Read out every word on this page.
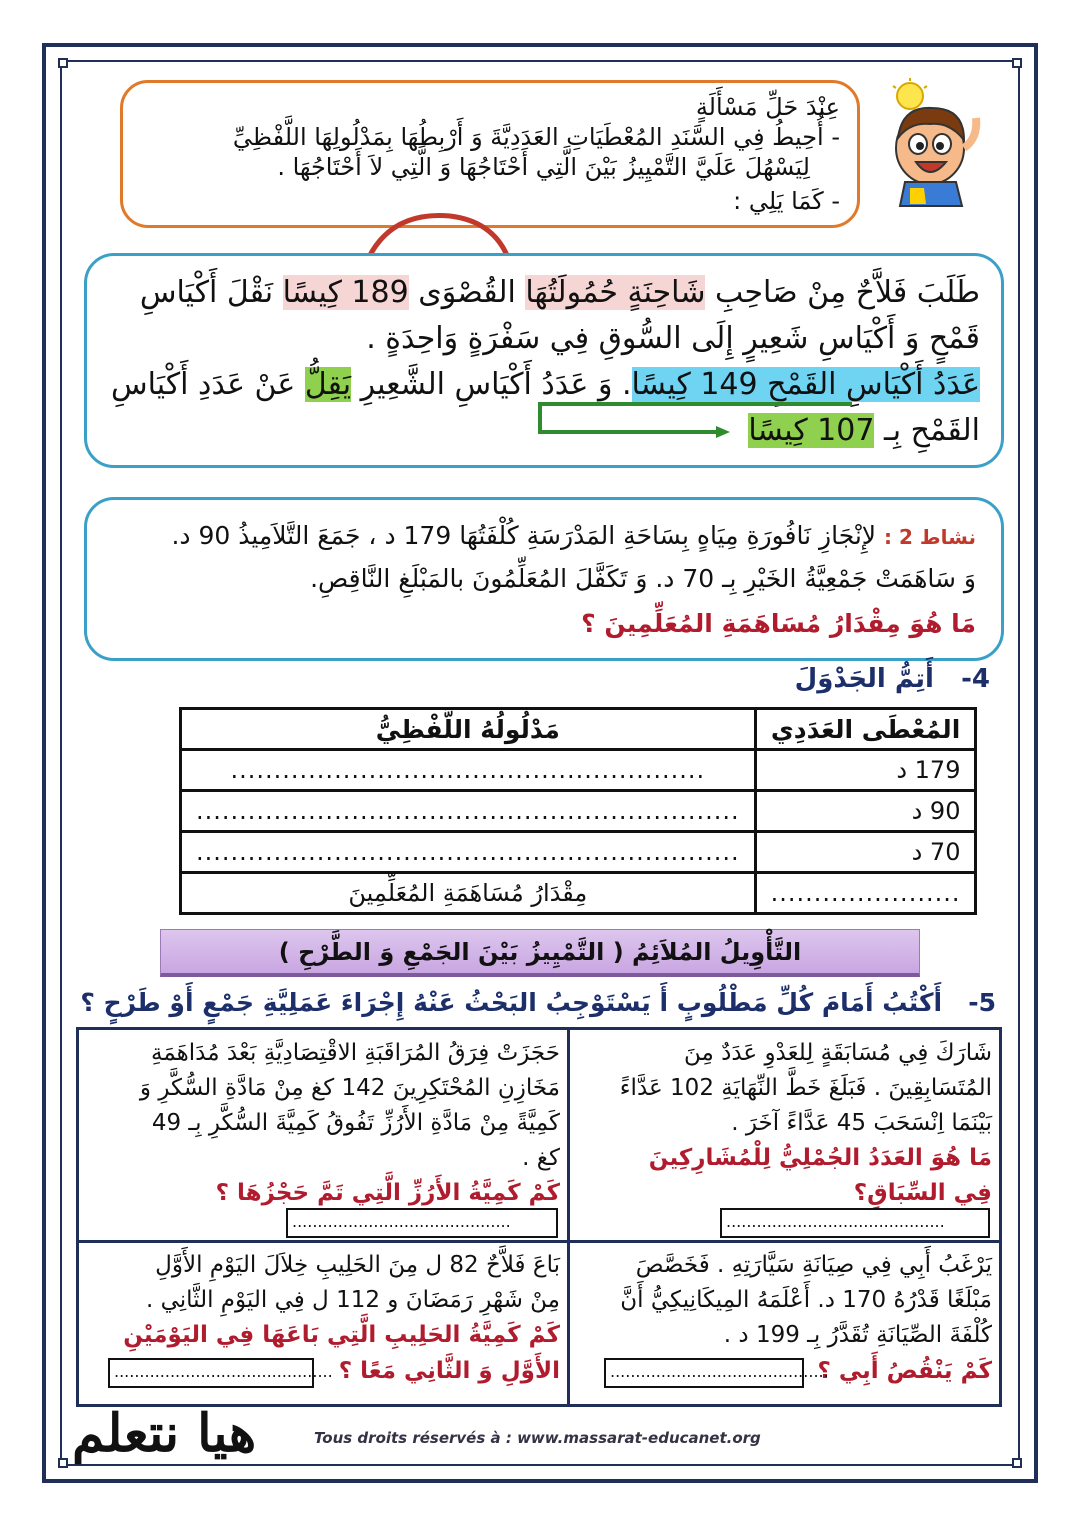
عِنْدَ حَلِّ مَسْأَلَةٍ
- أُحِيطُ فِي السَّنَدِ المُعْطَيَاتِ العَدَدِيَّةَ وَ أَرْبِطُهَا بِمَدْلُولِهَا اللَّفْظِيِّ
لِيَسْهُلَ عَلَيَّ التَّمْيِيزُ بَيْنَ الَّتِي أَحْتَاجُهَا وَ الَّتِي لاَ أَحْتَاجُهَا .
- كَمَا يَلِي :
طَلَبَ فَلاَّحٌ مِنْ صَاحِبِ شَاحِنَةٍ حُمُولَتُهَا القُصْوَى 189 كِيسًا نَقْلَ أَكْيَاسِ
قَمْحٍ وَ أَكْيَاسِ شَعِيرٍ إِلَى السُّوقِ فِي سَفْرَةٍ وَاحِدَةٍ .
عَدَدُ أَكْيَاسِ القَمْحِ 149 كِيسًا. وَ عَدَدُ أَكْيَاسِ الشَّعِيرِ يَقِلُّ عَنْ عَدَدِ أَكْيَاسِ
القَمْحِ بِـ 107 كِيسًا
نشاط 2 : لإِنْجَازِ نَافُورَةِ مِيَاهٍ بِسَاحَةِ المَدْرَسَةِ كُلْفَتُهَا 179 د ، جَمَعَ التَّلاَمِيذُ 90 د.
وَ سَاهَمَتْ جَمْعِيَّةُ الخَيْرِ بِـ 70 د. وَ تَكَفَّلَ المُعَلِّمُونَ بالمَبْلَغِ النَّاقِصِ.
مَا هُوَ مِقْدَارُ مُسَاهَمَةِ المُعَلِّمِينَ ؟
4-   أَتِمُّ الجَدْوَلَ
المُعْطَى العَدَدِي	مَدْلُولُهُ اللَّفْظِيُّ
179 د	.......................................................
90 د	...............................................................
70 د	...............................................................
......................	مِقْدَارُ مُسَاهَمَةِ المُعَلِّمِينَ
التَّأْوِيلُ المُلاَئِمُ ( التَّمْيِيزُ بَيْنَ الجَمْعِ وَ الطَّرْحِ )
5-   أَكْتُبُ أَمَامَ كُلِّ مَطْلُوبٍ أَ يَسْتَوْجِبُ البَحْثُ عَنْهُ إِجْرَاءَ عَمَلِيَّةِ جَمْعٍ أَوْ طَرْحٍ ؟
شَارَكَ فِي مُسَابَقَةٍ لِلعَدْوِ عَدَدٌ مِنَ
المُتَسَابِقِينَ . فَبَلَغَ خَطَّ النِّهَايَةِ 102 عَدَّاءً
بَيْنَمَا اِنْسَحَبَ 45 عَدَّاءً آخَرَ .
مَا هُوَ العَدَدُ الجُمْلِيُّ لِلْمُشَارِكِينَ
فِي السِّبَاقِ؟
...........................................
حَجَزَتْ فِرَقُ المُرَاقَبَةِ الاقْتِصَادِيَّةِ بَعْدَ مُدَاهَمَةِ
مَخَازِنِ المُحْتَكِرِينَ 142 كغ مِنْ مَادَّةِ السُّكَّرِ وَ
كَمِيَّةً مِنْ مَادَّةِ الأَرُزِّ تَفُوقُ كَمِيَّةَ السُّكَّرِ بِـ 49
كغ .
كَمْ كَمِيَّةُ الأَرُزِّ الَّتِي تَمَّ حَجْزُهَا ؟
...........................................
يَرْغَبُ أَبِي فِي صِيَانَةِ سَيَّارَتِهِ . فَخَصَّصَ
مَبْلَغًا قَدْرُهُ 170 د. أَعْلَمَهُ المِيكَانِيكِيُّ أَنَّ
كُلْفَةَ الصِّيَانَةِ تُقَدَّرُ بِـ 199 د .
كَمْ يَنْقُصُ أَبِي ؟
...........................................
بَاعَ فَلاَّحٌ 82 ل مِنَ الحَلِيبِ خِلاَلَ اليَوْمِ الأَوَّلِ
مِنْ شَهْرِ رَمَضَانَ و 112 ل فِي اليَوْمِ الثَّانِي .
كَمْ كَمِيَّةُ الحَلِيبِ الَّتِي بَاعَهَا فِي اليَوْمَيْنِ
الأَوَّلِ وَ الثَّانِي مَعًا ؟
...........................................
هيا نتعلم	Tous droits réservés à : www.massarat-educanet.org
